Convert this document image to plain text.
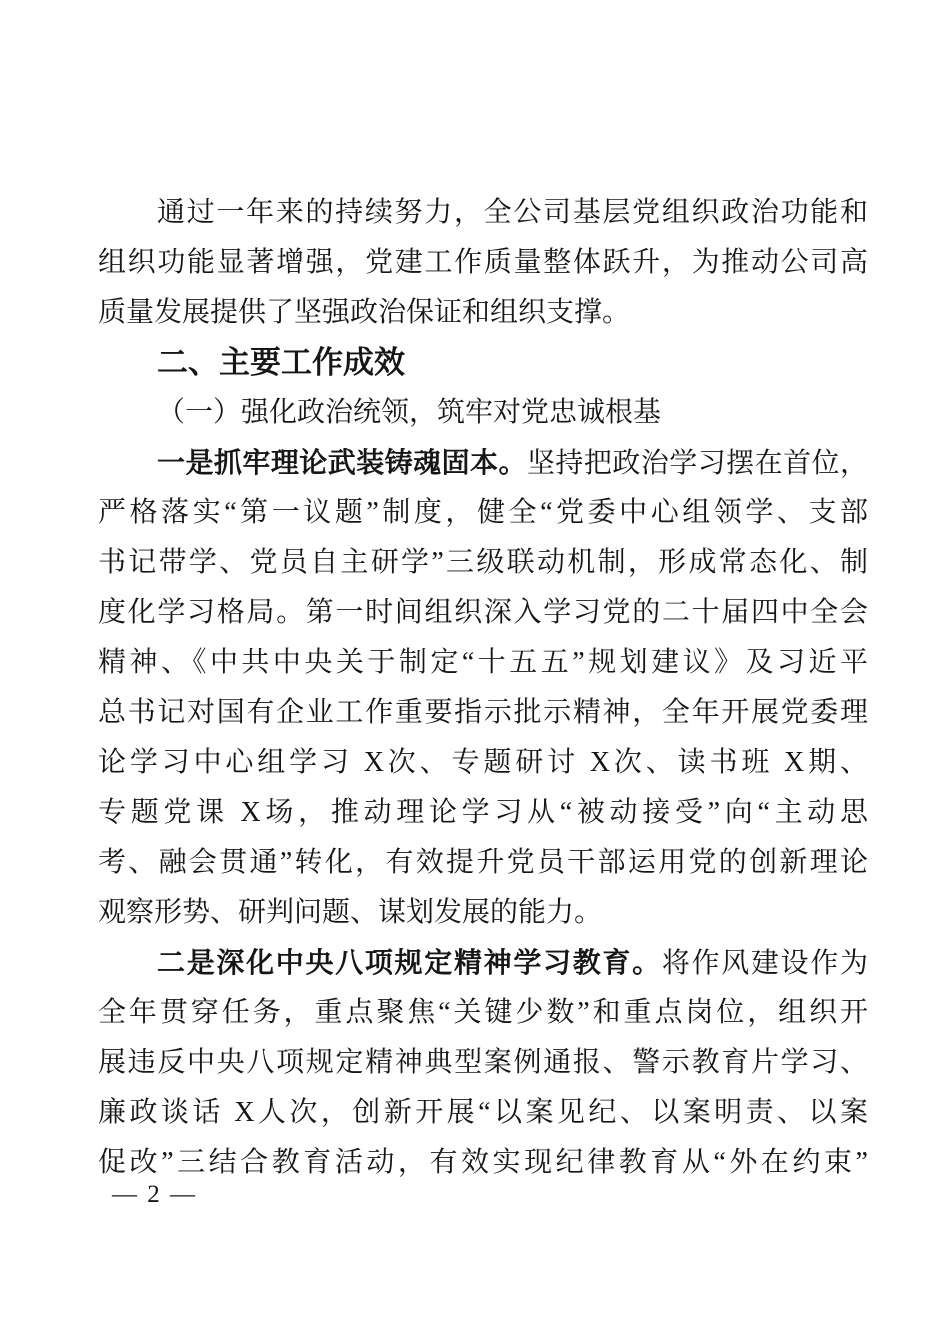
通过一年来的持续努力，全公司基层党组织政治功能和
组织功能显著增强，党建工作质量整体跃升，为推动公司高
质量发展提供了坚强政治保证和组织支撑。
二、主要工作成效
（一）强化政治统领，筑牢对党忠诚根基
一是抓牢理论武装铸魂固本。坚持把政治学习摆在首位，
严格落实“第一议题”制度，健全“党委中心组领学、支部
书记带学、党员自主研学”三级联动机制，形成常态化、制
度化学习格局。第一时间组织深入学习党的二十届四中全会
精神、《中共中央关于制定“十五五”规划建议》及习近平
总书记对国有企业工作重要指示批示精神，全年开展党委理
论学习中心组学习 X次、专题研讨 X次、读书班 X期、
专题党课 X场，推动理论学习从“被动接受”向“主动思
考、融会贯通”转化，有效提升党员干部运用党的创新理论
观察形势、研判问题、谋划发展的能力。
二是深化中央八项规定精神学习教育。将作风建设作为
全年贯穿任务，重点聚焦“关键少数”和重点岗位，组织开
展违反中央八项规定精神典型案例通报、警示教育片学习、
廉政谈话 X人次，创新开展“以案见纪、以案明责、以案
促改”三结合教育活动，有效实现纪律教育从“外在约束”
— 2 —
